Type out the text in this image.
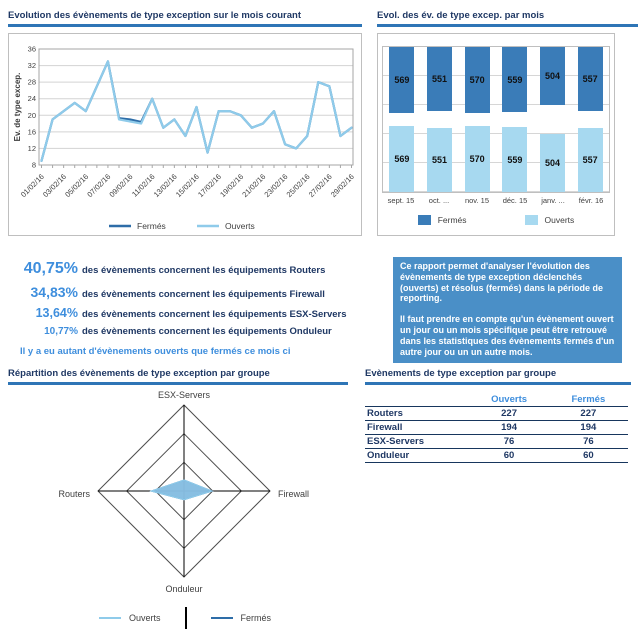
Evolution des évènements de type exception sur le mois courant
Ev. de type excep.
8
12
16
20
24
28
32
36
01/02/16
03/02/16
05/02/16
07/02/16
09/02/16
11/02/16
13/02/16
15/02/16
17/02/16
19/02/16
21/02/16
23/02/16
25/02/16
27/02/16
29/02/16
Fermés	Ouverts
Evol. des év. de type excep. par mois
569	551	570	559	504	557
569	551	570	559	504	557
sept. 15	oct. ...	nov. 15	déc. 15	janv. ...	févr. 16
Fermés	Ouverts
40,75% des évènements concernent les équipements Routers
34,83% des évènements concernent les équipements Firewall
13,64% des évènements concernent les équipements ESX-Servers
10,77% des évènements concernent les équipements Onduleur
Il y a eu autant d'évènements ouverts que fermés ce mois ci

Ce rapport permet d'analyser l'évolution des évènements de type exception déclenchés (ouverts) et résolus (fermés) dans la période de reporting.

Il faut prendre en compte qu'un évènement ouvert un jour ou un mois spécifique peut être retrouvé dans les statistiques des évènements fermés d'un autre jour ou un un autre mois.

Répartition des évènements de type exception par groupe
ESX-Servers
Firewall
Onduleur
Routers
Ouverts	Fermés
Evènements de type exception par groupe
	Ouverts	Fermés
Routers	227	227
Firewall	194	194
ESX-Servers	76	76
Onduleur	60	60
